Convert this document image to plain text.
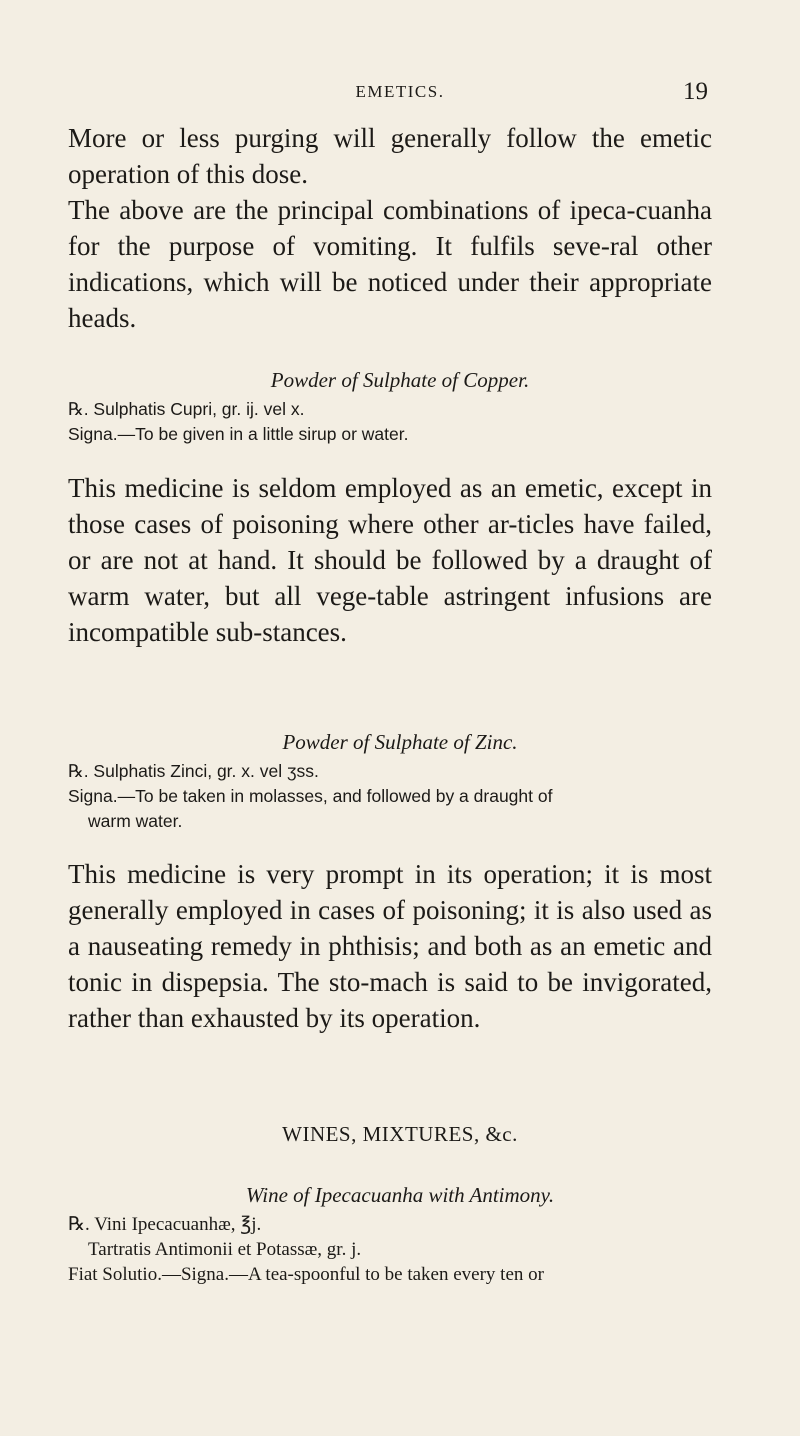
EMETICS.	19

More or less purging will generally follow the emetic operation of this dose.

The above are the principal combinations of ipeca-cuanha for the purpose of vomiting. It fulfils seve-ral other indications, which will be noticed under their appropriate heads.

Powder of Sulphate of Copper.
℞. Sulphatis Cupri, gr. ij. vel x.
Signa.—To be given in a little sirup or water.
This medicine is seldom employed as an emetic, except in those cases of poisoning where other ar-ticles have failed, or are not at hand. It should be followed by a draught of warm water, but all vege-table astringent infusions are incompatible sub-stances.
Powder of Sulphate of Zinc.
℞. Sulphatis Zinci, gr. x. vel ʒss.
Signa.—To be taken in molasses, and followed by a draught of
warm water.
This medicine is very prompt in its operation; it is most generally employed in cases of poisoning; it is also used as a nauseating remedy in phthisis; and both as an emetic and tonic in dispepsia. The sto-mach is said to be invigorated, rather than exhausted by its operation.
WINES, MIXTURES, &c.
Wine of Ipecacuanha with Antimony.
℞. Vini Ipecacuanhæ, ℥j.
Tartratis Antimonii et Potassæ, gr. j.
Fiat Solutio.—Signa.—A tea-spoonful to be taken every ten or
